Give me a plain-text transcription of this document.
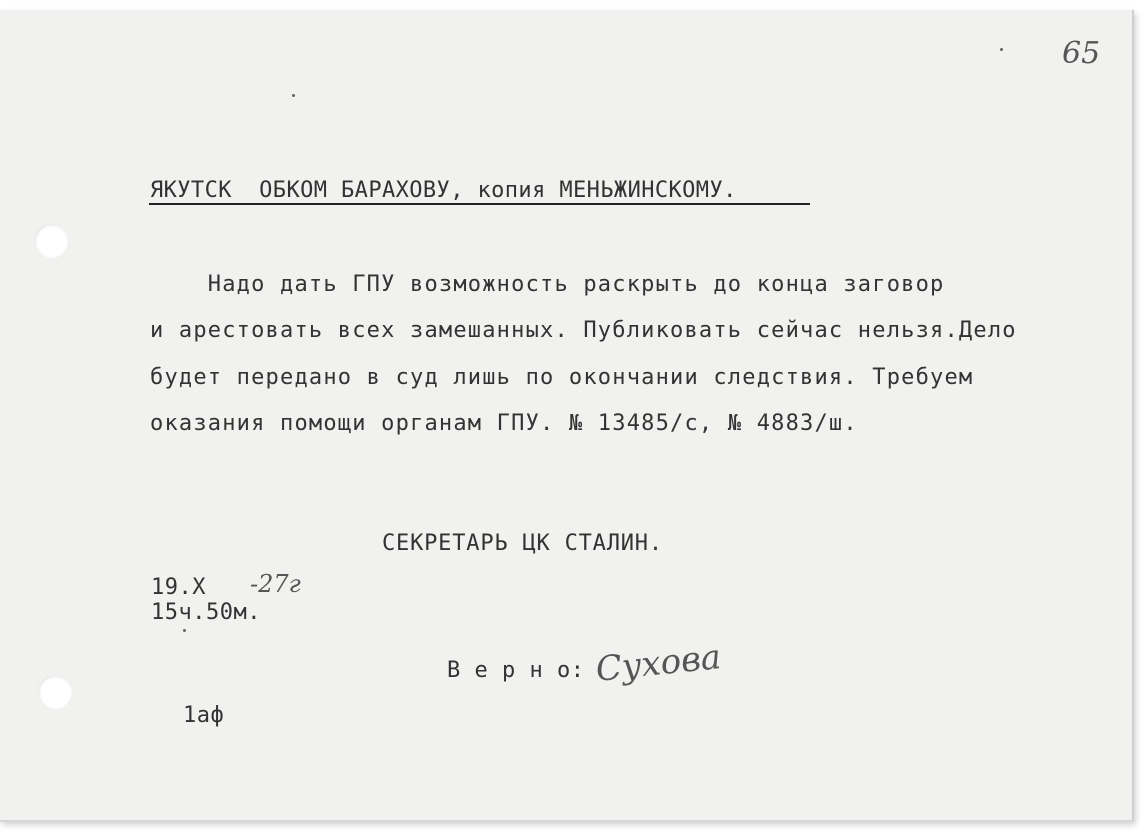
65
ЯКУТСК  ОБКОМ БАРАХОВУ, копия МЕНЬЖИНСКОМУ.
Надо дать ГПУ возможность раскрыть до конца заговор
и арестовать всех замешанных. Публиковать сейчас нельзя.Дело
будет передано в суд лишь по окончании следствия. Требуем
оказания помощи органам ГПУ. № 13485/с, № 4883/ш.
СЕКРЕТАРЬ ЦК СТАЛИН.
19.Х -27г
15ч.50м.
В е р н о: Сухова
1аф
